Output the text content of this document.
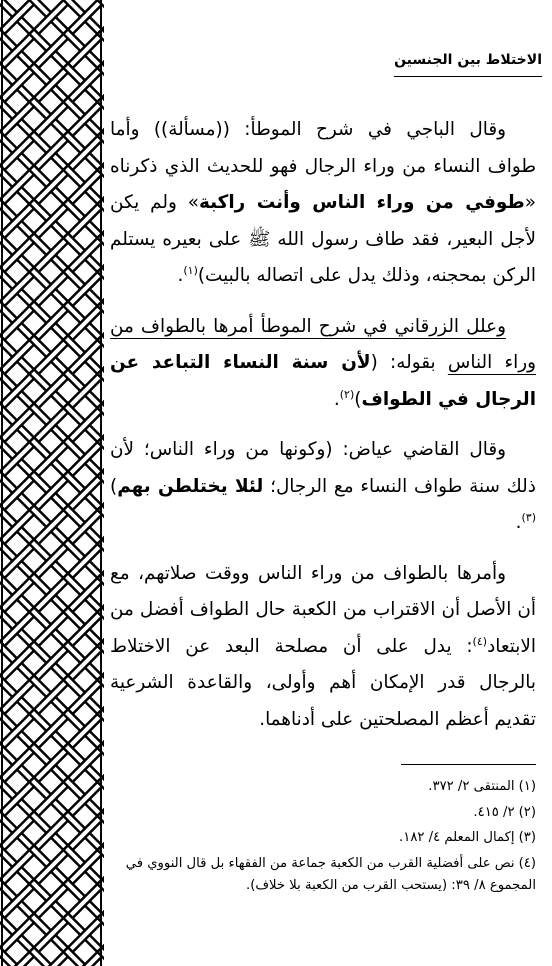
الاختلاط بين الجنسين

وقال الباجي في شرح الموطأ: ((مسألة)) وأما طواف النساء من وراء الرجال فهو للحديث الذي ذكرناه «طوفي من وراء الناس وأنت راكبة» ولم يكن لأجل البعير، فقد طاف رسول الله ﷺ على بعيره يستلم الركن بمحجنه، وذلك يدل على اتصاله بالبيت)$^{(١)}$.

وعلل الزرقاني في شرح الموطأ أمرها بالطواف من وراء الناس بقوله: (لأن سنة النساء التباعد عن الرجال في الطواف)$^{(٢)}$.

وقال القاضي عياض: (وكونها من وراء الناس؛ لأن ذلك سنة طواف النساء مع الرجال؛ لئلا يختلطن بهم)$^{(٣)}$.

وأمرها بالطواف من وراء الناس ووقت صلاتهم، مع أن الأصل أن الاقتراب من الكعبة حال الطواف أفضل من الابتعاد$^{(٤)}$: يدل على أن مصلحة البعد عن الاختلاط بالرجال قدر الإمكان أهم وأولى، والقاعدة الشرعية تقديم أعظم المصلحتين على أدناهما.

(١)المنتقى ٢/ ٣٧٢.

(٢)٢/ ٤١٥.

(٣)إكمال المعلم ٤/ ١٨٢.

(٤)نص على أفضلية القرب من الكعبة جماعة من الفقهاء بل قال النووي في المجموع ٨/ ٣٩: (يستحب القرب من الكعبة بلا خلاف).
